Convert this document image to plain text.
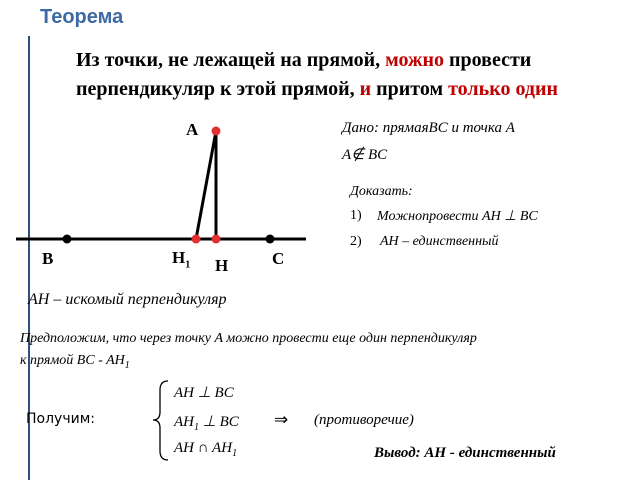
Теорема
Из точки, не лежащей на прямой, можно провести
перпендикуляр к этой прямой, и притом только один
A
B	C
$H_1$ H
Дано: прямаяBC и точка A
A∉ BC
Доказать:
1) Можнопровести AH ⊥ BC
2) AH – единственный
AH – искомый перпендикуляр
Предположим, что через точку A можно провести еще один перпендикуляр
к прямой BC - $AH_1$
Получим:
AH ⊥ BC
$AH_1$ ⊥ BC ⇒ (противоречие)
AH ∩ $AH_1$	Вывод: AH - единственный
